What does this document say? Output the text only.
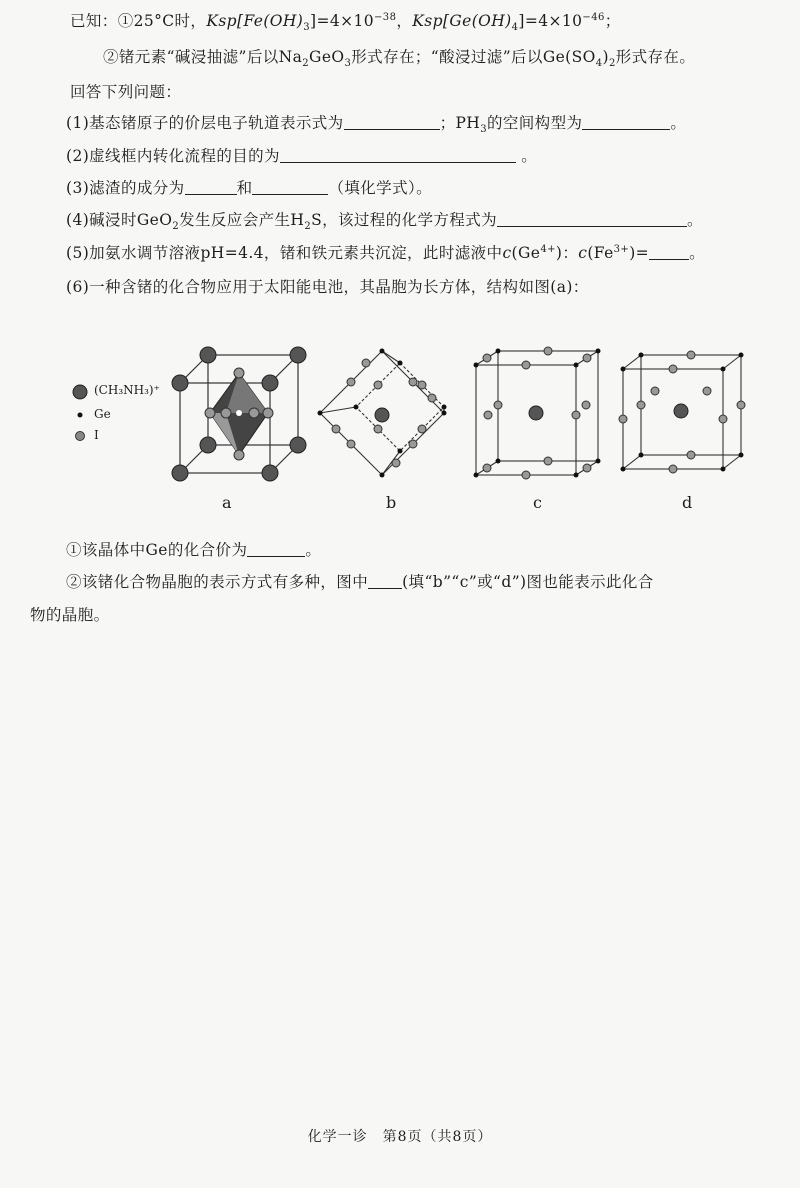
已知：①25°C时，$Ksp[Fe(OH)_3]=4\times 10^{-38}$，$Ksp[Ge(OH)_4]=4\times 10^{-46}$；
②锗元素“碱浸抽滤”后以$Na_2GeO_3$形式存在；“酸浸过滤”后以$Ge(SO_4)_2$形式存在。
回答下列问题：
(1)基态锗原子的价层电子轨道表示式为	；$PH_3$的空间构型为	。
(2)虚线框内转化流程的目的为	。
(3)滤渣的成分为	和	（填化学式）。
(4)碱浸时GeO$_2$发生反应会产生$H_2S$，该过程的化学方程式为	。
(5)加氨水调节溶液pH=4.4，锗和铁元素共沉淀，此时滤液中$c(Ge^{4+})$：$c(Fe^{3+})=$	。
(6)一种含锗的化合物应用于太阳能电池，其晶胞为长方体，结构如图(a)：
(CH₃NH₃)⁺
Ge
I
a	b	c	d
①该晶体中Ge的化合价为	。
②该锗化合物晶胞的表示方式有多种，图中 (填“b”“c”或“d”)图也能表示此化合
物的晶胞。
化学一诊　第8页（共8页）
